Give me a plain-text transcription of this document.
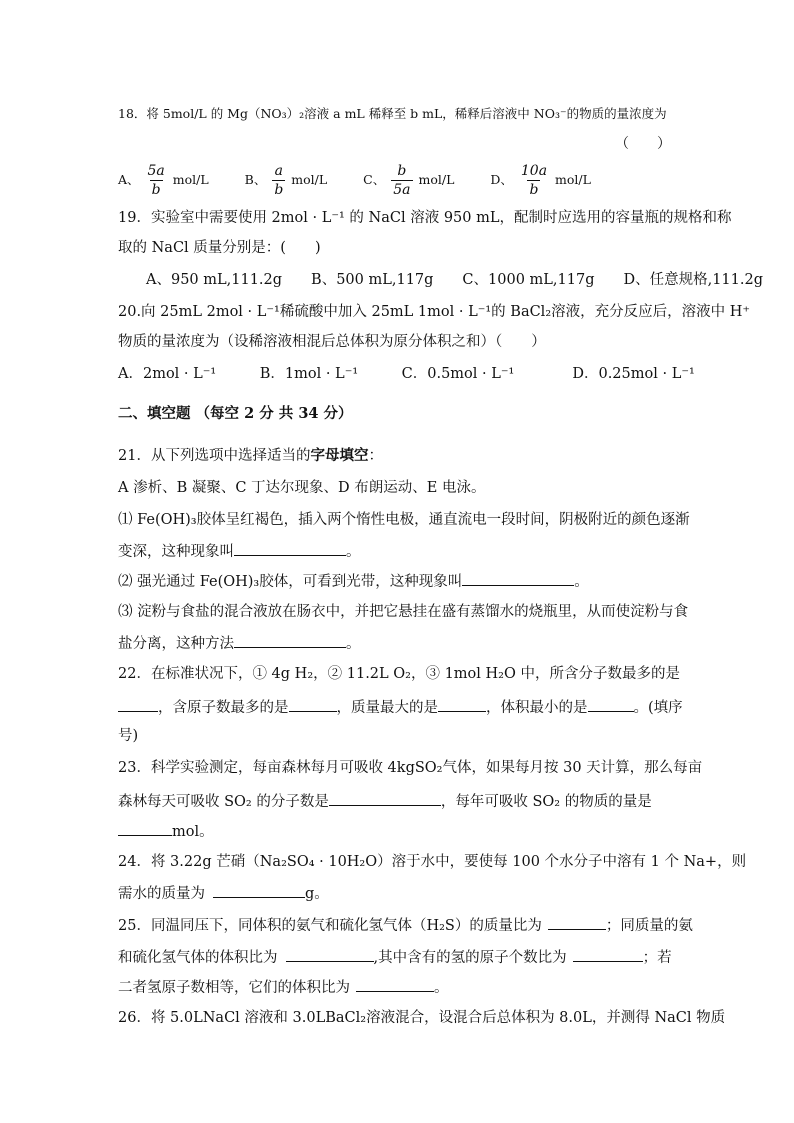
18．将 5mol/L 的 Mg（NO₃）₂溶液 a mL 稀释至 b mL，稀释后溶液中 NO₃⁻的物质的量浓度为
（　　）
A、 $\frac{5a}{b} mol/L$	B、 $\frac{a}{b} mol/L$	C、 $\frac{b}{5a} mol/L$	D、 $\frac{10a}{b} mol/L$
19．实验室中需要使用 2mol · L⁻¹ 的 NaCl 溶液 950 mL，配制时应选用的容量瓶的规格和称
取的 NaCl 质量分别是：(　　)
A、950 mL,111.2g　　B、500 mL,117g　　C、1000 mL,117g　　D、任意规格,111.2g
20.向 25mL 2mol · L⁻¹稀硫酸中加入 25mL 1mol · L⁻¹的 BaCl₂溶液，充分反应后，溶液中 H⁺
物质的量浓度为（设稀溶液相混后总体积为原分体积之和）（　　）
A．2mol · L⁻¹　　　B．1mol · L⁻¹　　　C．0.5mol · L⁻¹　　　　D．0.25mol · L⁻¹
二、填空题 （每空 2 分 共 34 分）
21．从下列选项中选择适当的字母填空：
A 渗析、B 凝聚、C 丁达尔现象、D 布朗运动、E 电泳。
⑴ Fe(OH)₃胶体呈红褐色，插入两个惰性电极，通直流电一段时间，阴极附近的颜色逐渐
变深，这种现象叫	。
⑵ 强光通过 Fe(OH)₃胶体，可看到光带，这种现象叫	。
⑶ 淀粉与食盐的混合液放在肠衣中，并把它悬挂在盛有蒸馏水的烧瓶里，从而使淀粉与食
盐分离，这种方法	。
22．在标准状况下，① 4g H₂，② 11.2L O₂，③ 1mol H₂O 中，所含分子数最多的是
，含原子数最多的是	，质量最大的是	，体积最小的是	。(填序
号)
23．科学实验测定，每亩森林每月可吸收 4kgSO₂气体，如果每月按 30 天计算，那么每亩
森林每天可吸收 SO₂ 的分子数是	，每年可吸收 SO₂ 的物质的量是
mol。
24．将 3.22g 芒硝（Na₂SO₄ · 10H₂O）溶于水中，要使每 100 个水分子中溶有 1 个 Na+，则
需水的质量为	g。
25．同温同压下，同体积的氨气和硫化氢气体（H₂S）的质量比为	；同质量的氨
和硫化氢气体的体积比为	,其中含有的氢的原子个数比为	；若
二者氢原子数相等，它们的体积比为	。
26．将 5.0LNaCl 溶液和 3.0LBaCl₂溶液混合，设混合后总体积为 8.0L，并测得 NaCl 物质
